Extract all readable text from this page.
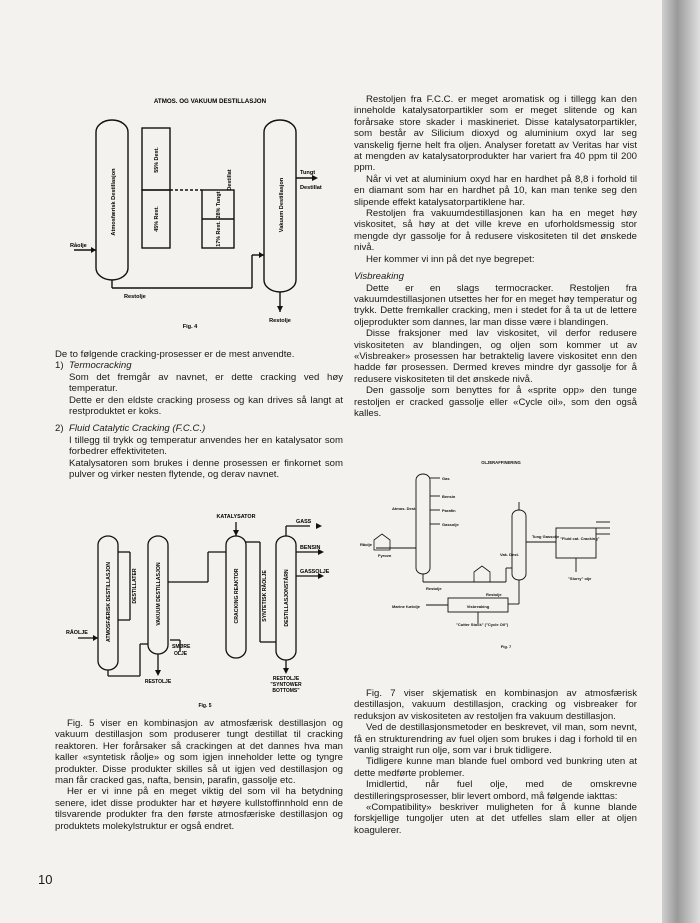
ATMOS. OG VAKUUM DESTILLASJON
Atmosfærisk Destillasjon	Vakuum Destillasjon
55% Dest.
45% Rest.
Destillat
28% Tungt
17% Rest.
Råolje
Restolje
Restolje
Tungt
Destillat
Fig. 4

De to følgende cracking-prosesser er de mest anvendte.

1) Termocracking

Som det fremgår av navnet, er dette cracking ved høy temperatur.

Dette er den eldste cracking prosess og kan drives så langt at restproduktet er koks.

2) Fluid Catalytic Cracking (F.C.C.)

I tillegg til trykk og temperatur anvendes her en katalysator som forbedrer effektiviteten.

Katalysatoren som brukes i denne prosessen er finkornet som pulver og virker nesten flytende, og derav navnet.

KATALYSATOR
GASS
BENSIN
GASSOLJE
RÅOLJE	ATMOSFÆRISK DESTILLASJON	DESTILLATER	VAKUUM DESTILLASJON	CRACKING REAKTOR	SYNTETISK RÅOLJE	DESTILLASJONSTÅRN
SMØRE
OLJE
RESTOLJE	RESTOLJE
"SYNTOWER
BOTTOMS"
Fig. 5

Fig. 5 viser en kombinasjon av atmosfærisk destillasjon og vakuum destillasjon som produserer tungt destillat til cracking reaktoren. Her forårsaker så crackingen at det dannes hva man kaller «syntetisk råolje» og som igjen inneholder lette og tyngre produkter. Disse produkter skilles så ut igjen ved destillasjon og man får cracked gas, nafta, bensin, parafin, gassolje etc.

Her er vi inne på en meget viktig del som vil ha betydning senere, idet disse produkter har et høyere kullstoffinnhold enn de tilsvarende produkter fra den første atmosfæriske destillasjon og produktets molekylstruktur er også endret.

Restoljen fra F.C.C. er meget aromatisk og i tillegg kan den inneholde katalysatorpartikler som er meget slitende og kan forårsake store skader i maskineriet. Disse katalysatorpartikler, som består av Silicium dioxyd og aluminium oxyd lar seg vanskelig fjerne helt fra oljen. Analyser foretatt av Veritas har vist at mengden av katalysatorprodukter har variert fra 40 ppm til 200 ppm.

Når vi vet at aluminium oxyd har en hardhet på 8,8 i forhold til en diamant som har en hardhet på 10, kan man tenke seg den slipende effekt katalysatorpartiklene har.

Restoljen fra vakuumdestillasjonen kan ha en meget høy viskositet, så høy at det ville kreve en uforholdsmessig stor mengde dyr gassolje for å redusere viskositeten til det ønskede nivå.

Her kommer vi inn på det nye begrepet:

Visbreaking

Dette er en slags termocracker. Restoljen fra vakuumdestillasjonen utsettes her for en meget høy temperatur og trykk. Dette fremkaller cracking, men i stedet for å ta ut de lettere oljeprodukter som dannes, lar man disse være i blandingen.

Disse fraksjoner med lav viskositet, vil derfor redusere viskositeten av blandingen, og oljen som kommer ut av «Visbreaker» prosessen har betraktelig lavere viskositet enn den hadde før prosessen. Dermed kreves mindre dyr gassolje for å redusere viskositeten til det ønskede nivå.

Den gassolje som benyttes for å «sprite opp» den tunge restoljen er cracked gassolje eller «Cycle oil», som den også kalles.

OLJERAFFINERING
Gas
Bensin
Parafin
Gassolje
Atmos. Dest.
Råolje
Fyrovn
Restolje
Vak. Dest.
Tung Gassolje "Fluid cat. Cracking"
"Slurry" olje
Visbreaking
Restolje
Marine fuelolje
"Cutter Stock" ("Cycle Oil")
Fig. 7

Fig. 7 viser skjematisk en kombinasjon av atmosfærisk destillasjon, vakuum destillasjon, cracking og visbreaker for reduksjon av viskositeten av restoljen fra vakuum destillasjon.

Ved de destillasjonsmetoder en beskrevet, vil man, som nevnt, få en strukturendring av fuel oljen som brukes i dag i forhold til en vanlig straight run olje, som var i bruk tidligere.

Tidligere kunne man blande fuel ombord ved bunkring uten at dette medførte problemer.

Imidlertid, når fuel olje, med de omskrevne destilleringsprosesser, blir levert ombord, må følgende iakttas:

«Compatibility» beskriver muligheten for å kunne blande forskjellige tungoljer uten at det utfelles slam eller at oljen koagulerer.

10
